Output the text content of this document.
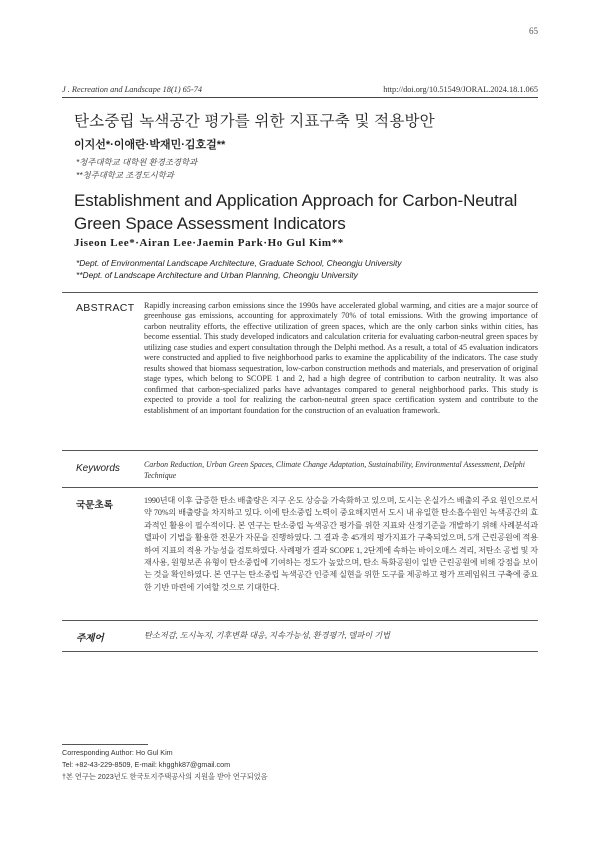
65
J . Recreation and Landscape 18(1) 65-74	http://doi.org/10.51549/JORAL.2024.18.1.065
탄소중립 녹색공간 평가를 위한 지표구축 및 적용방안
이지선*·이애란·박재민·김호걸**
*청주대학교 대학원 환경조경학과
**청주대학교 조경도시학과
Establishment and Application Approach for Carbon-Neutral Green Space Assessment Indicators
Jiseon Lee*·Airan Lee·Jaemin Park·Ho Gul Kim**
*Dept. of Environmental Landscape Architecture, Graduate School, Cheongju University
**Dept. of Landscape Architecture and Urban Planning, Cheongju University
ABSTRACT Rapidly increasing carbon emissions since the 1990s have accelerated global warming, and cities are a major source of greenhouse gas emissions, accounting for approximately 70% of total emissions. With the growing importance of carbon neutrality efforts, the effective utilization of green spaces, which are the only carbon sinks within cities, has become essential. This study developed indicators and calculation criteria for evaluating carbon-neutral green spaces by utilizing case studies and expert consultation through the Delphi method. As a result, a total of 45 evaluation indicators were constructed and applied to five neighborhood parks to examine the applicability of the indicators. The case study results showed that biomass sequestration, low-carbon construction methods and materials, and preservation of original stage types, which belong to SCOPE 1 and 2, had a high degree of contribution to carbon neutrality. It was also confirmed that carbon-specialized parks have advantages compared to general neighborhood parks. This study is expected to provide a tool for realizing the carbon-neutral green space certification system and contribute to the establishment of an important foundation for the construction of an evaluation framework.
Keywords	Carbon Reduction, Urban Green Spaces, Climate Change Adaptation, Sustainability, Environmental Assessment, Delphi Technique
국문초록	1990년대 이후 급증한 탄소 배출량은 지구 온도 상승을 가속화하고 있으며, 도시는 온실가스 배출의 주요 원인으로서 약 70%의 배출량을 차지하고 있다. 이에 탄소중립 노력이 중요해지면서 도시 내 유일한 탄소흡수원인 녹색공간의 효과적인 활용이 필수적이다. 본 연구는 탄소중립 녹색공간 평가를 위한 지표와 산정기준을 개발하기 위해 사례분석과 델파이 기법을 활용한 전문가 자문을 진행하였다. 그 결과 총 45개의 평가지표가 구축되었으며, 5개 근린공원에 적용하여 지표의 적용 가능성을 검토하였다. 사례평가 결과 SCOPE 1, 2단계에 속하는 바이오매스 격리, 저탄소 공법 및 자재사용, 원형보존 유형이 탄소중립에 기여하는 정도가 높았으며, 탄소 특화공원이 일반 근린공원에 비해 강점을 보이는 것을 확인하였다. 본 연구는 탄소중립 녹색공간 인증제 실현을 위한 도구를 제공하고 평가 프레임워크 구축에 중요한 기반 마련에 기여할 것으로 기대한다.
주제어	탄소저감, 도시녹지, 기후변화 대응, 지속가능성, 환경평가, 델파이 기법
Corresponding Author: Ho Gul Kim
Tel: +82-43-229-8509, E-mail: khgghk87@gmail.com
†본 연구는 2023년도 한국토지주택공사의 지원을 받아 연구되었음
